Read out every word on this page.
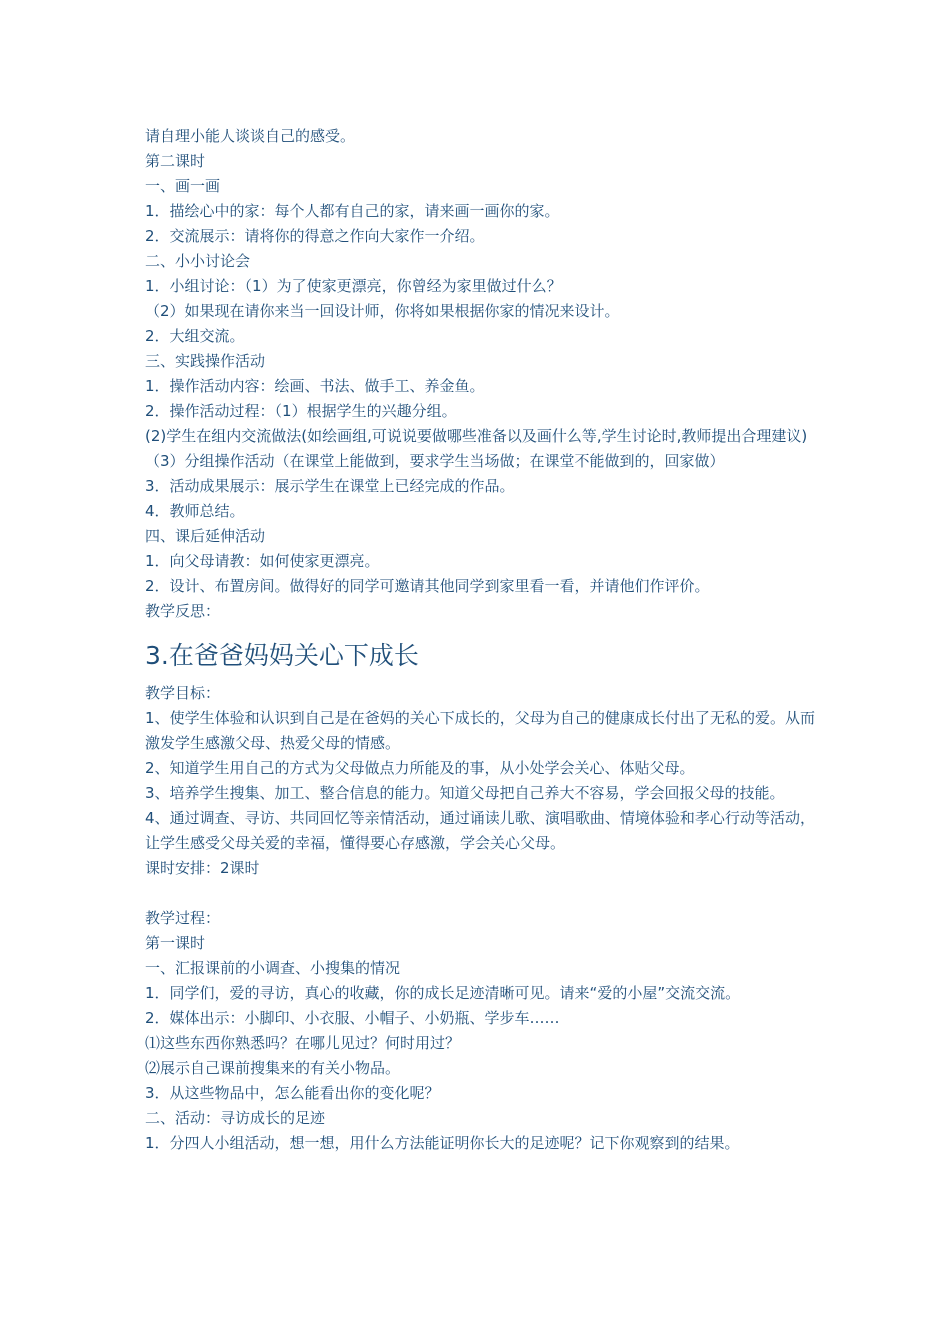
请自理小能人谈谈自己的感受。
第二课时
一、画一画
1．描绘心中的家：每个人都有自己的家，请来画一画你的家。
2．交流展示：请将你的得意之作向大家作一介绍。
二、小小讨论会
1．小组讨论：（1）为了使家更漂亮，你曾经为家里做过什么？
（2）如果现在请你来当一回设计师，你将如果根据你家的情况来设计。
2．大组交流。
三、实践操作活动
1．操作活动内容：绘画、书法、做手工、养金鱼。
2．操作活动过程：（1）根据学生的兴趣分组。
(2)学生在组内交流做法(如绘画组,可说说要做哪些准备以及画什么等,学生讨论时,教师提出合理建议)
（3）分组操作活动（在课堂上能做到，要求学生当场做；在课堂不能做到的，回家做）
3．活动成果展示：展示学生在课堂上已经完成的作品。
4．教师总结。
四、课后延伸活动
1．向父母请教：如何使家更漂亮。
2．设计、布置房间。做得好的同学可邀请其他同学到家里看一看，并请他们作评价。
教学反思：
3.在爸爸妈妈关心下成长
教学目标：
1、使学生体验和认识到自己是在爸妈的关心下成长的，父母为自己的健康成长付出了无私的爱。从而激发学生感激父母、热爱父母的情感。
2、知道学生用自己的方式为父母做点力所能及的事，从小处学会关心、体贴父母。
3、培养学生搜集、加工、整合信息的能力。知道父母把自己养大不容易，学会回报父母的技能。
4、通过调查、寻访、共同回忆等亲情活动，通过诵读儿歌、演唱歌曲、情境体验和孝心行动等活动，让学生感受父母关爱的幸福，懂得要心存感激，学会关心父母。
课时安排：2课时
教学过程：
第一课时
一、汇报课前的小调查、小搜集的情况
1．同学们，爱的寻访，真心的收藏，你的成长足迹清晰可见。请来“爱的小屋”交流交流。
2．媒体出示：小脚印、小衣服、小帽子、小奶瓶、学步车……
⑴这些东西你熟悉吗？在哪儿见过？何时用过？
⑵展示自己课前搜集来的有关小物品。
3．从这些物品中，怎么能看出你的变化呢？
二、活动：寻访成长的足迹
1．分四人小组活动，想一想，用什么方法能证明你长大的足迹呢？记下你观察到的结果。
